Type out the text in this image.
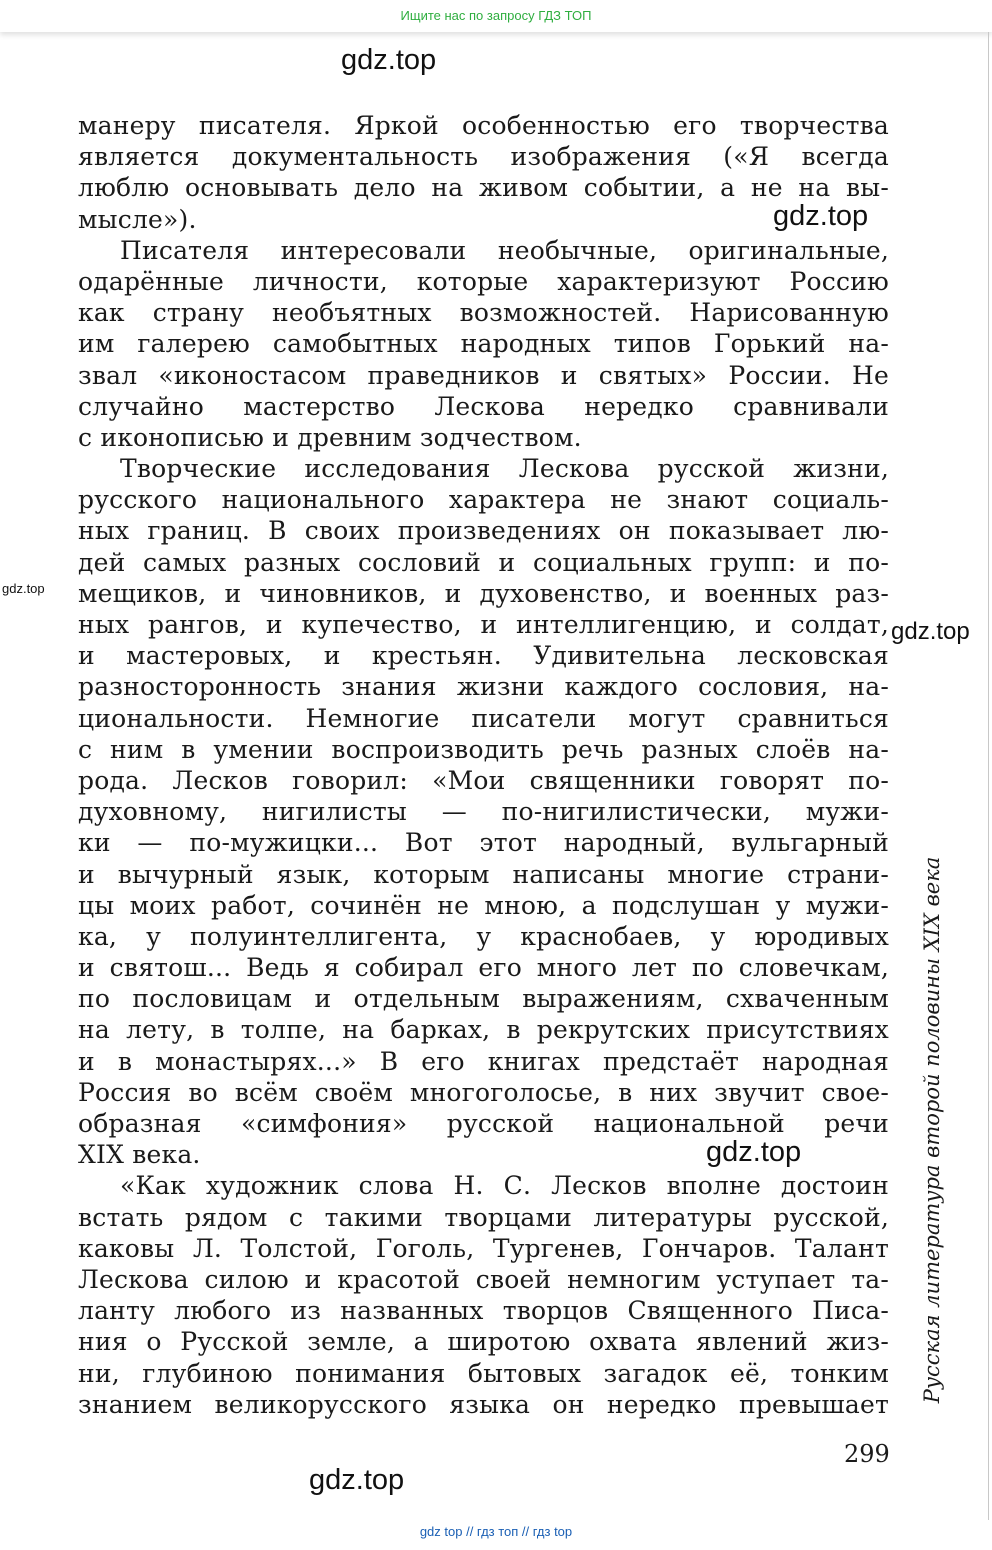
Ищите нас по запросу ГДЗ ТОП
gdz.top
gdz.top
gdz.top
gdz.top
gdz.top
gdz.top
манеру писателя. Яркой особенностью его творчества
является документальность изображения («Я всегда
люблю основывать дело на живом событии, а не на вы-
мысле»).
Писателя интересовали необычные, оригинальные,
одарённые личности, которые характеризуют Россию
как страну необъятных возможностей. Нарисованную
им галерею самобытных народных типов Горький на-
звал «иконостасом праведников и святых» России. Не
случайно мастерство Лескова нередко сравнивали
с иконописью и древним зодчеством.
Творческие исследования Лескова русской жизни,
русского национального характера не знают социаль-
ных границ. В своих произведениях он показывает лю-
дей самых разных сословий и социальных групп: и по-
мещиков, и чиновников, и духовенство, и военных раз-
ных рангов, и купечество, и интеллигенцию, и солдат,
и мастеровых, и крестьян. Удивительна лесковская
разносторонность знания жизни каждого сословия, на-
циональности. Немногие писатели могут сравниться
с ним в умении воспроизводить речь разных слоёв на-
рода. Лесков говорил: «Мои священники говорят по-
духовному, нигилисты — по-нигилистически, мужи-
ки — по-мужицки... Вот этот народный, вульгарный
и вычурный язык, которым написаны многие страни-
цы моих работ, сочинён не мною, а подслушан у мужи-
ка, у полуинтеллигента, у краснобаев, у юродивых
и святош... Ведь я собирал его много лет по словечкам,
по пословицам и отдельным выражениям, схваченным
на лету, в толпе, на барках, в рекрутских присутствиях
и в монастырях...» В его книгах предстаёт народная
Россия во всём своём многоголосье, в них звучит свое-
образная «симфония» русской национальной речи
XIX века.
«Как художник слова Н. С. Лесков вполне достоин
встать рядом с такими творцами литературы русской,
каковы Л. Толстой, Гоголь, Тургенев, Гончаров. Талант
Лескова силою и красотой своей немногим уступает та-
ланту любого из названных творцов Священного Писа-
ния о Русской земле, а широтою охвата явлений жиз-
ни, глубиною понимания бытовых загадок её, тонким
знанием великорусского языка он нередко превышает
Русская литература второй половины XIX века
299
gdz top // гдз топ // гдз top
